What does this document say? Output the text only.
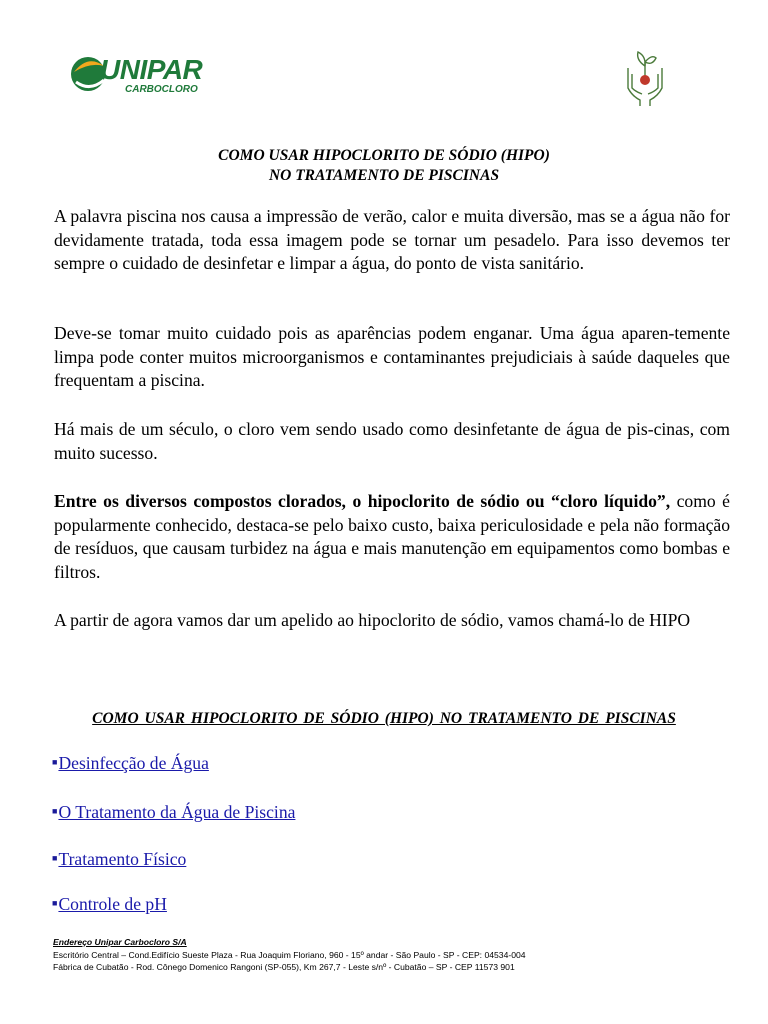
UNIPAR
CARBOCLORO
COMO USAR HIPOCLORITO DE SÓDIO (HIPO)
NO TRATAMENTO DE PISCINAS

A palavra piscina nos causa a impressão de verão, calor e muita diversão, mas se a água não for devidamente tratada, toda essa imagem pode se tornar um pesadelo. Para isso devemos ter sempre o cuidado de desinfetar e limpar a água, do ponto de vista sanitário.

Deve-se tomar muito cuidado pois as aparências podem enganar. Uma água aparen-temente limpa pode conter muitos microorganismos e contaminantes prejudiciais à saúde daqueles que frequentam a piscina.

Há mais de um século, o cloro vem sendo usado como desinfetante de água de pis-cinas, com muito sucesso.

Entre os diversos compostos clorados, o hipoclorito de sódio ou “cloro líquido”, como é popularmente conhecido, destaca-se pelo baixo custo, baixa periculosidade e pela não formação de resíduos, que causam turbidez na água e mais manutenção em equipamentos como bombas e filtros.

A partir de agora vamos dar um apelido ao hipoclorito de sódio, vamos chamá-lo de HIPO

COMO USAR HIPOCLORITO DE SÓDIO (HIPO) NO TRATAMENTO DE PISCINAS
■Desinfecção de Água
■O Tratamento da Água de Piscina
■Tratamento Físico
■Controle de pH
Endereço Unipar Carbocloro S/A
Escritório Central – Cond.Edifício Sueste Plaza - Rua Joaquim Floriano, 960 - 15º andar - São Paulo - SP - CEP: 04534-004
Fábrica de Cubatão - Rod. Cônego Domenico Rangoni (SP-055), Km 267,7 - Leste s/nº - Cubatão – SP - CEP 11573 901
